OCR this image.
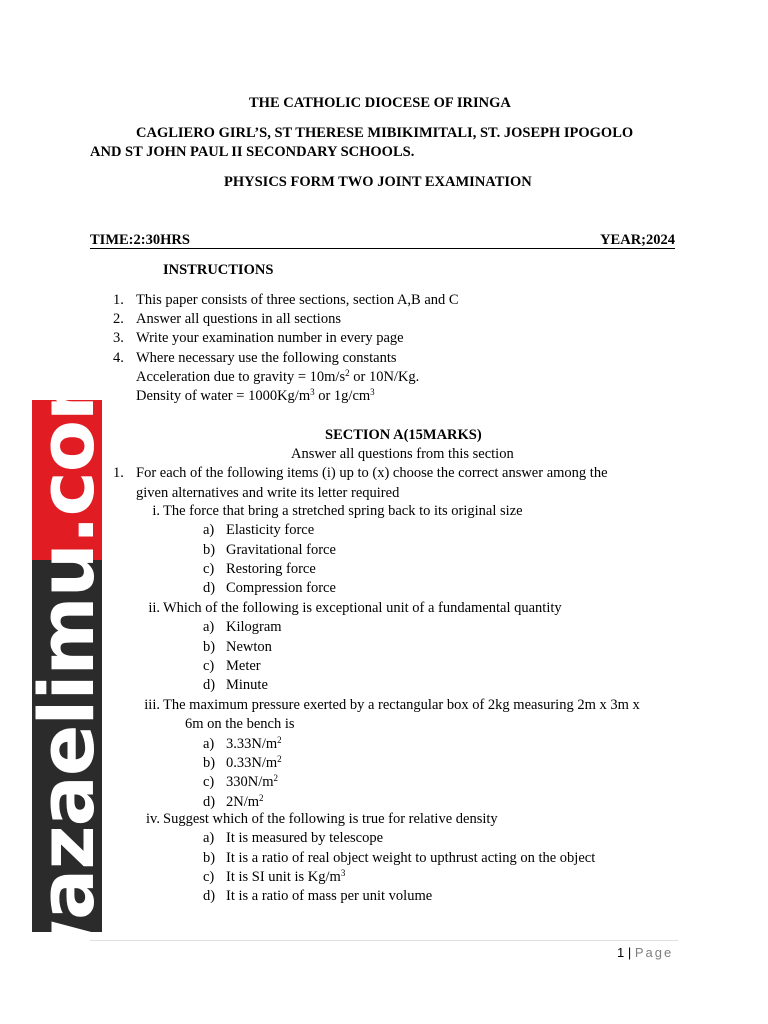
wazaelimu.com
THE CATHOLIC DIOCESE OF IRINGA
CAGLIERO GIRL’S, ST THERESE MIBIKIMITALI, ST. JOSEPH IPOGOLO
AND ST JOHN PAUL II SECONDARY SCHOOLS.
PHYSICS FORM TWO JOINT EXAMINATION
TIME:2:30HRS	YEAR;2024
INSTRUCTIONS
1. This paper consists of three sections, section A,B and C
2. Answer all questions in all sections
3. Write your examination number in every page
4. Where necessary use the following constants
Acceleration due to gravity = $10m/s^2$ or 10N/Kg.
Density of water = $1000Kg/m^3$ or $1g/cm^3$
SECTION A(15MARKS)
Answer all questions from this section
1. For each of the following items (i) up to (x) choose the correct answer among the
given alternatives and write its letter required
i. The force that bring a stretched spring back to its original size
a) Elasticity force
b) Gravitational force
c) Restoring force
d) Compression force
ii. Which of the following is exceptional unit of a fundamental quantity
a) Kilogram
b) Newton
c) Meter
d) Minute
iii. The maximum pressure exerted by a rectangular box of 2kg measuring 2m x 3m x
6m on the bench is
a) $3.33N/m^2$
b) $0.33N/m^2$
c) $330N/m^2$
d) $2N/m^2$
iv. Suggest which of the following is true for relative density
a) It is measured by telescope
b) It is a ratio of real object weight to upthrust acting on the object
c) It is SI unit is $Kg/m^3$
d) It is a ratio of mass per unit volume
1 | Page
